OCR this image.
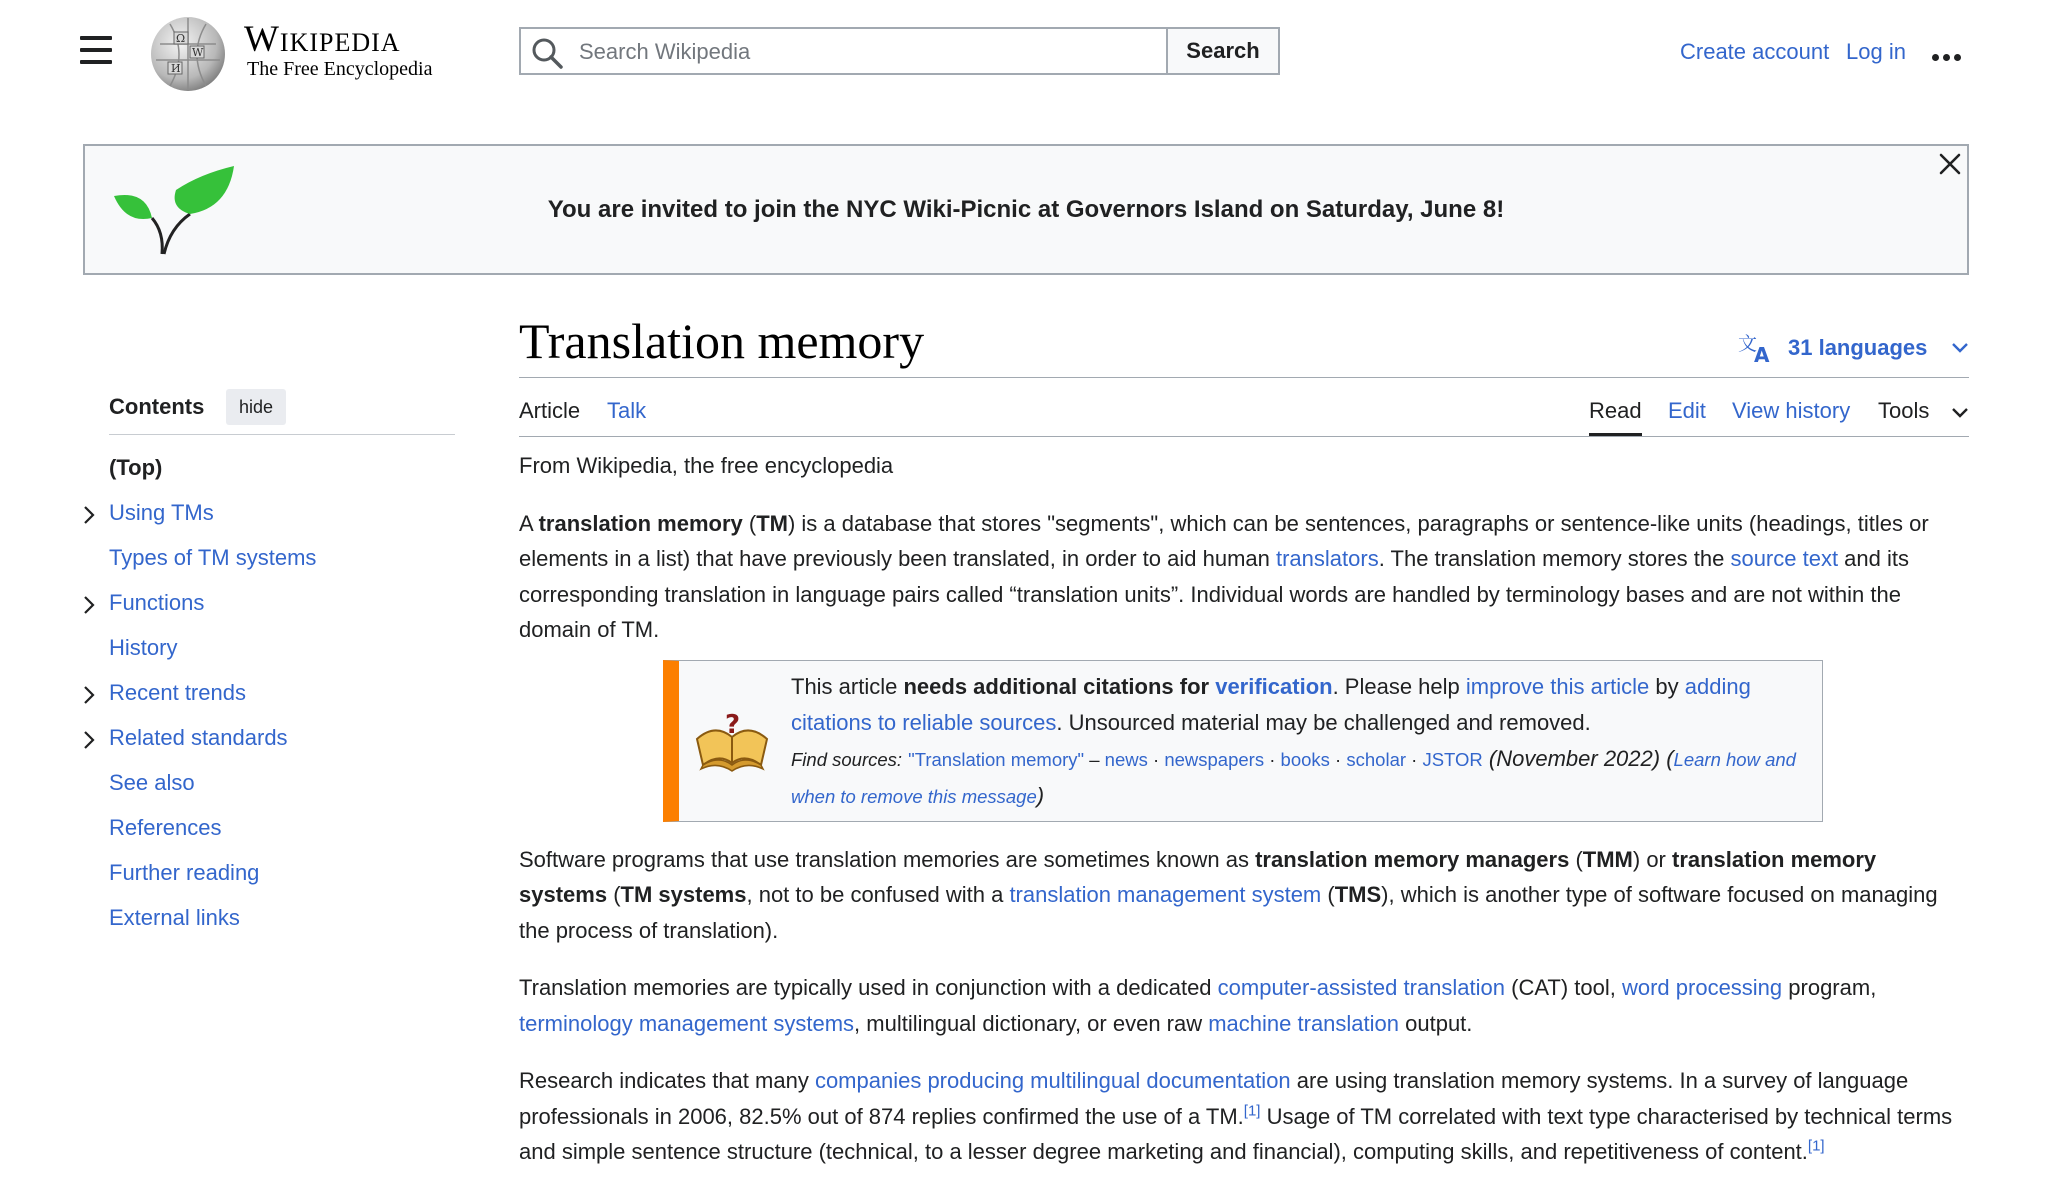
Ω
W
И
Wikipedia
The Free Encyclopedia
Search Wikipedia
Search	Create account Log in
You are invited to join the NYC Wiki-Picnic at Governors Island on Saturday, June 8!
Contents	hide
(Top)
Using TMs
Types of TM systems
Functions
History
Recent trends
Related standards
See also
References
Further reading
External links
Translation memory	文
A 31 languages
Article Talk	Read Edit View history Tools

From Wikipedia, the free encyclopedia

A translation memory (TM) is a database that stores "segments", which can be sentences, paragraphs or sentence-like units (headings, titles or elements in a list) that have previously been translated, in order to aid human translators. The translation memory stores the source text and its corresponding translation in language pairs called “translation units”. Individual words are handled by terminology bases and are not within the domain of TM.

?
This article needs additional citations for verification. Please help improve this article by adding citations to reliable sources. Unsourced material may be challenged and removed.
Find sources: "Translation memory" – news · newspapers · books · scholar · JSTOR (November 2022) (Learn how and when to remove this message)

Software programs that use translation memories are sometimes known as translation memory managers (TMM) or translation memory systems (TM systems, not to be confused with a translation management system (TMS), which is another type of software focused on managing the process of translation).

Translation memories are typically used in conjunction with a dedicated computer-assisted translation (CAT) tool, word processing program, terminology management systems, multilingual dictionary, or even raw machine translation output.

Research indicates that many companies producing multilingual documentation are using translation memory systems. In a survey of language professionals in 2006, 82.5% out of 874 replies confirmed the use of a TM.[1] Usage of TM correlated with text type characterised by technical terms and simple sentence structure (technical, to a lesser degree marketing and financial), computing skills, and repetitiveness of content.[1]
